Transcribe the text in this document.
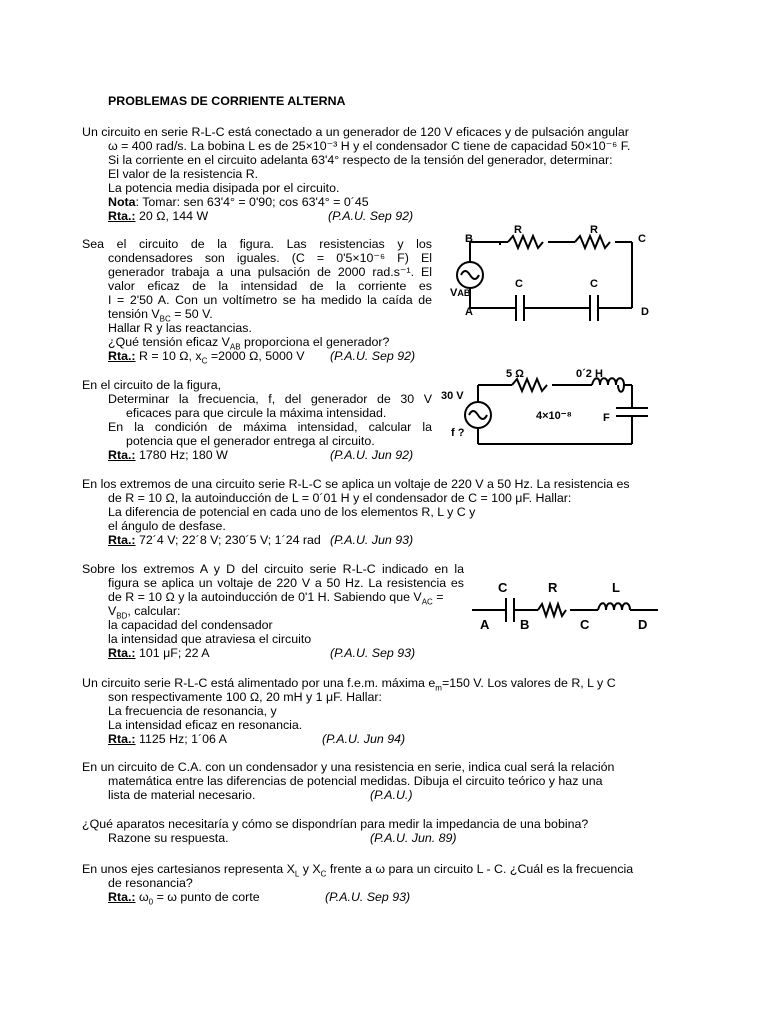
PROBLEMAS DE CORRIENTE ALTERNA
Un circuito en serie R-L-C está conectado a un generador de 120 V eficaces y de pulsación angular
ω = 400 rad/s. La bobina L es de 25×10⁻³ H y el condensador C tiene de capacidad 50×10⁻⁶ F.
Si la corriente en el circuito adelanta 63'4° respecto de la tensión del generador, determinar:
El valor de la resistencia R.
La potencia media disipada por el circuito.
Nota: Tomar: sen 63'4° = 0'90; cos 63'4° = 0´45
Rta.: 20 Ω, 144 W	(P.A.U. Sep 92)
Sea el circuito de la figura. Las resistencias y los
condensadores son iguales. (C = 0'5×10⁻⁶ F) El
generador trabaja a una pulsación de 2000 rad.s⁻¹. El
valor eficaz de la intensidad de la corriente es
I = 2'50 A. Con un voltímetro se ha medido la caída de
tensión $V_{BC} = 50$ V.
Hallar R y las reactancias.
¿Qué tensión eficaz $V_{AB}$ proporciona el generador?
Rta.: R = 10 Ω, $x_C =2000$ Ω, 5000 V (P.A.U. Sep 92)
B
R	R
C
VAB
C	C
A	D
En el circuito de la figura,
Determinar la frecuencia, f, del generador de 30 V
eficaces para que circule la máxima intensidad.
En la condición de máxima intensidad, calcular la
potencia que el generador entrega al circuito.
Rta.: 1780 Hz; 180 W	(P.A.U. Jun 92)
5 Ω	0´2 H
30 V
f ?
4×10⁻⁸	F
En los extremos de una circuito serie R-L-C se aplica un voltaje de 220 V a 50 Hz. La resistencia es
de R = 10 Ω, la autoinducción de L = 0´01 H y el condensador de C = 100 μF. Hallar:
La diferencia de potencial en cada uno de los elementos R, L y C y
el ángulo de desfase.
Rta.: 72´4 V; 22´8 V; 230´5 V; 1´24 rad (P.A.U. Jun 93)
Sobre los extremos A y D del circuito serie R-L-C indicado en la
figura se aplica un voltaje de 220 V a 50 Hz. La resistencia es
de R = 10 Ω y la autoinducción de 0'1 H. Sabiendo que $V_{AC}$ =
$V_{BD}$, calcular:
la capacidad del condensador
la intensidad que atraviesa el circuito
Rta.: 101 μF; 22 A	(P.A.U. Sep 93)
C	R	L
A B	C	D
Un circuito serie R-L-C está alimentado por una f.e.m. máxima $e_m=150$ V. Los valores de R, L y C
son respectivamente 100 Ω, 20 mH y 1 μF. Hallar:
La frecuencia de resonancia, y
La intensidad eficaz en resonancia.
Rta.: 1125 Hz; 1´06 A	(P.A.U. Jun 94)
En un circuito de C.A. con un condensador y una resistencia en serie, indica cual será la relación
matemática entre las diferencias de potencial medidas. Dibuja el circuito teórico y haz una
lista de material necesario.	(P.A.U.)
¿Qué aparatos necesitaría y cómo se dispondrían para medir la impedancia de una bobina?
Razone su respuesta.	(P.A.U. Jun. 89)
En unos ejes cartesianos representa $X_L$ y $X_C$ frente a ω para un circuito L - C. ¿Cuál es la frecuencia
de resonancia?
Rta.: $\omega_0 = \omega$ punto de corte	(P.A.U. Sep 93)
